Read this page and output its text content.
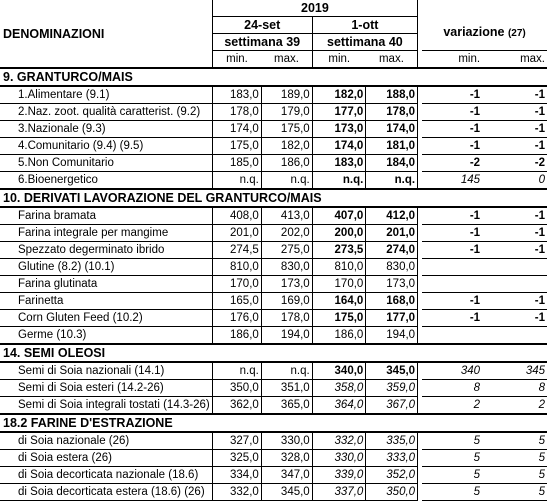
	2019						
DENOMINAZIONI	24-set		1-ott			variazione (27)	
	settimana 39		settimana 40				
	min.	max.	min.	max.		min.	max.
9. GRANTURCO/MAIS							
1.Alimentare (9.1)	183,0	189,0	182,0	188,0		-1	-1
2.Naz. zoot. qualità caratterist. (9.2)	178,0	179,0	177,0	178,0		-1	-1
3.Nazionale (9.3)	174,0	175,0	173,0	174,0		-1	-1
4.Comunitario (9.4) (9.5)	175,0	182,0	174,0	181,0		-1	-1
5.Non Comunitario	185,0	186,0	183,0	184,0		-2	-2
6.Bioenergetico	n.q.	n.q.	n.q.	n.q.		145	0
10. DERIVATI LAVORAZIONE DEL GRANTURCO/MAIS							
Farina bramata	408,0	413,0	407,0	412,0		-1	-1
Farina integrale per mangime	201,0	202,0	200,0	201,0		-1	-1
Spezzato degerminato ibrido	274,5	275,0	273,5	274,0		-1	-1
Glutine (8.2) (10.1)	810,0	830,0	810,0	830,0			
Farina glutinata	170,0	173,0	170,0	173,0			
Farinetta	165,0	169,0	164,0	168,0		-1	-1
Corn Gluten Feed (10.2)	176,0	178,0	175,0	177,0		-1	-1
Germe (10.3)	186,0	194,0	186,0	194,0			
14. SEMI OLEOSI							
Semi di Soia nazionali (14.1)	n.q.	n.q.	340,0	345,0		340	345
Semi di Soia esteri (14.2-26)	350,0	351,0	358,0	359,0		8	8
Semi di Soia integrali tostati (14.3-26)	362,0	365,0	364,0	367,0		2	2
18.2 FARINE D'ESTRAZIONE							
di Soia nazionale (26)	327,0	330,0	332,0	335,0		5	5
di Soia estera (26)	325,0	328,0	330,0	333,0		5	5
di Soia decorticata nazionale (18.6)	334,0	347,0	339,0	352,0		5	5
di Soia decorticata estera (18.6) (26)	332,0	345,0	337,0	350,0		5	5
